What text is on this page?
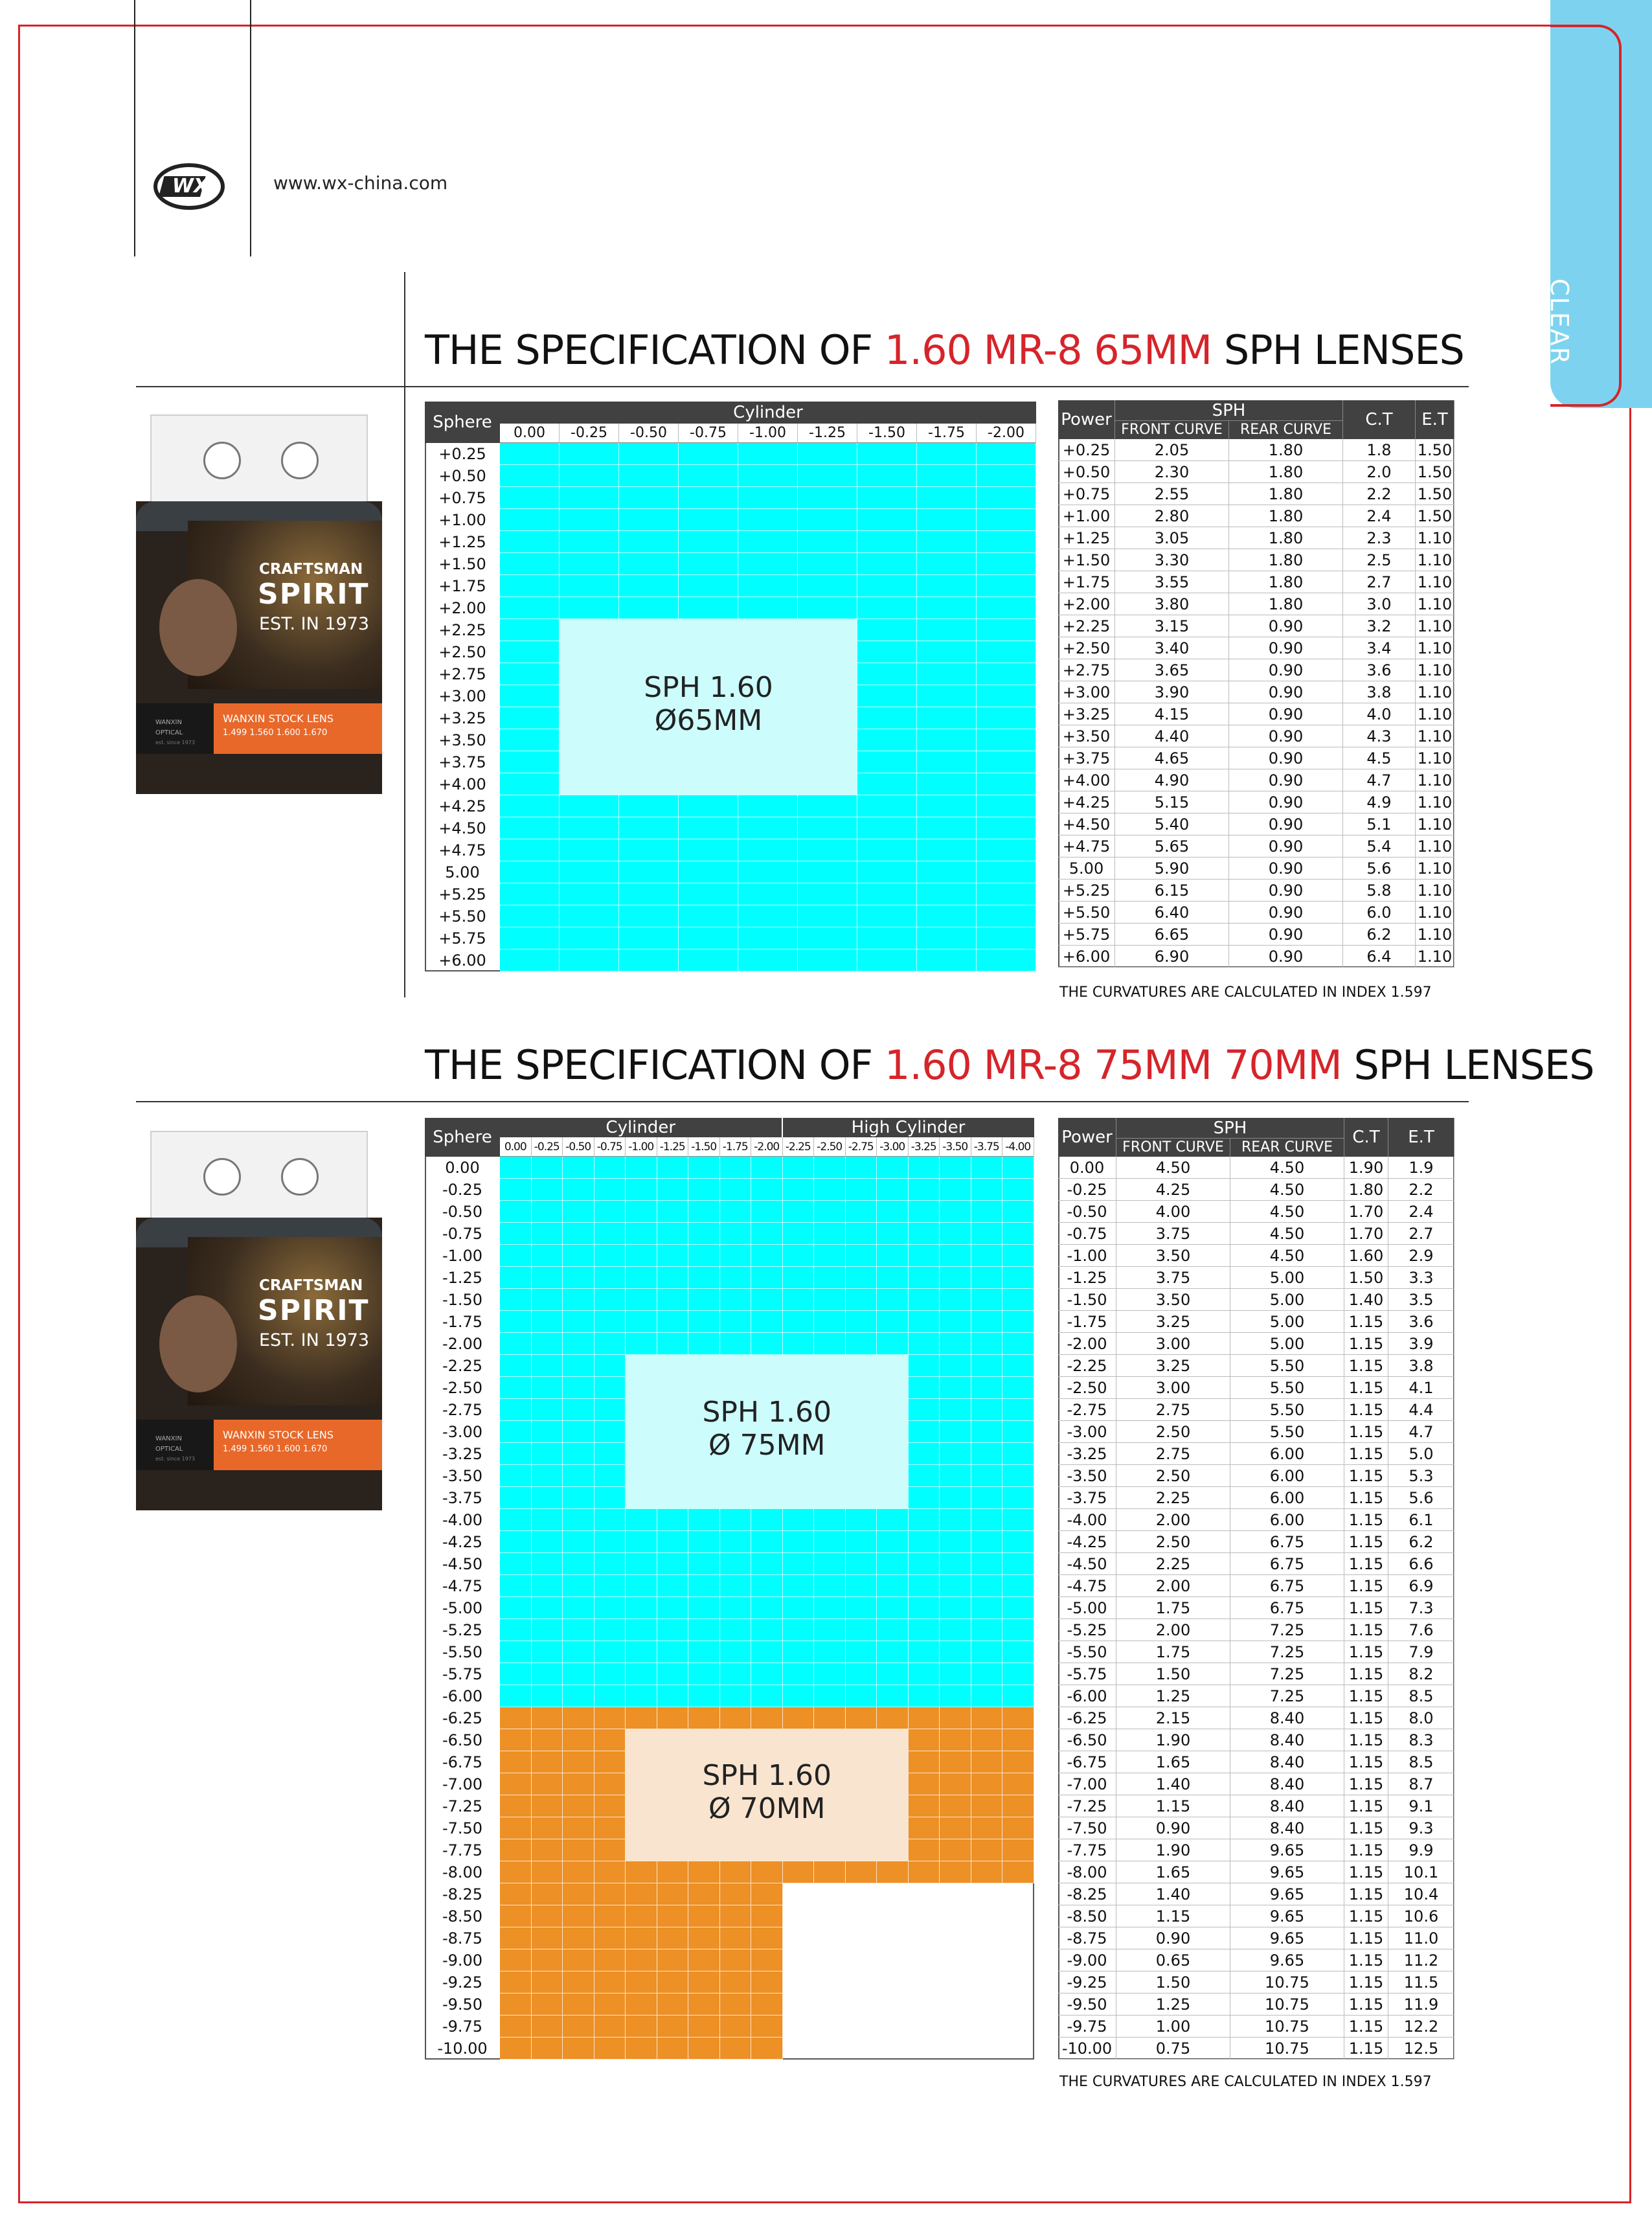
CLEAR
WX	www.wx-china.com
THE SPECIFICATION OF 1.60 MR-8 65MM SPH LENSES
CRAFTSMAN
SPIRIT
EST. IN 1973
WANXIN STOCK LENS
1.499 1.560 1.600 1.670
WANXIN
OPTICAL
est. since 1973
Sphere	Cylinder
0.00	-0.25	-0.50	-0.75	-1.00	-1.25	-1.50	-1.75	-2.00
+0.25
+0.50
+0.75
+1.00
+1.25
+1.50
+1.75
+2.00
+2.25
+2.50
+2.75
+3.00
+3.25
+3.50
+3.75
+4.00
+4.25
+4.50
+4.75
5.00
+5.25
+5.50
+5.75
+6.00
SPH 1.60
Ø65MM
Power	SPH
FRONT CURVE	REAR CURVE
C.T	E.T
+0.25	2.05	1.80	1.8	1.50
+0.50	2.30	1.80	2.0	1.50
+0.75	2.55	1.80	2.2	1.50
+1.00	2.80	1.80	2.4	1.50
+1.25	3.05	1.80	2.3	1.10
+1.50	3.30	1.80	2.5	1.10
+1.75	3.55	1.80	2.7	1.10
+2.00	3.80	1.80	3.0	1.10
+2.25	3.15	0.90	3.2	1.10
+2.50	3.40	0.90	3.4	1.10
+2.75	3.65	0.90	3.6	1.10
+3.00	3.90	0.90	3.8	1.10
+3.25	4.15	0.90	4.0	1.10
+3.50	4.40	0.90	4.3	1.10
+3.75	4.65	0.90	4.5	1.10
+4.00	4.90	0.90	4.7	1.10
+4.25	5.15	0.90	4.9	1.10
+4.50	5.40	0.90	5.1	1.10
+4.75	5.65	0.90	5.4	1.10
5.00	5.90	0.90	5.6	1.10
+5.25	6.15	0.90	5.8	1.10
+5.50	6.40	0.90	6.0	1.10
+5.75	6.65	0.90	6.2	1.10
+6.00	6.90	0.90	6.4	1.10
THE CURVATURES ARE CALCULATED IN INDEX 1.597
THE SPECIFICATION OF 1.60 MR-8 75MM 70MM SPH LENSES
CRAFTSMAN
SPIRIT
EST. IN 1973
WANXIN STOCK LENS
1.499 1.560 1.600 1.670
WANXIN
OPTICAL
est. since 1973
Sphere	Cylinder	High Cylinder
0.00 -0.25 -0.50 -0.75 -1.00 -1.25 -1.50 -1.75 -2.00 -2.25 -2.50 -2.75 -3.00 -3.25 -3.50 -3.75 -4.00
0.00
-0.25
-0.50
-0.75
-1.00
-1.25
-1.50
-1.75
-2.00
-2.25
-2.50
-2.75
-3.00
-3.25
-3.50
-3.75
-4.00
-4.25
-4.50
-4.75
-5.00
-5.25
-5.50
-5.75
-6.00
-6.25
-6.50
-6.75
-7.00
-7.25
-7.50
-7.75
-8.00
-8.25
-8.50
-8.75
-9.00
-9.25
-9.50
-9.75
-10.00
SPH 1.60
Ø 75MM
SPH 1.60
Ø 70MM
Power	SPH
FRONT CURVE	REAR CURVE
C.T	E.T
0.00	4.50	4.50	1.90	1.9
-0.25	4.25	4.50	1.80	2.2
-0.50	4.00	4.50	1.70	2.4
-0.75	3.75	4.50	1.70	2.7
-1.00	3.50	4.50	1.60	2.9
-1.25	3.75	5.00	1.50	3.3
-1.50	3.50	5.00	1.40	3.5
-1.75	3.25	5.00	1.15	3.6
-2.00	3.00	5.00	1.15	3.9
-2.25	3.25	5.50	1.15	3.8
-2.50	3.00	5.50	1.15	4.1
-2.75	2.75	5.50	1.15	4.4
-3.00	2.50	5.50	1.15	4.7
-3.25	2.75	6.00	1.15	5.0
-3.50	2.50	6.00	1.15	5.3
-3.75	2.25	6.00	1.15	5.6
-4.00	2.00	6.00	1.15	6.1
-4.25	2.50	6.75	1.15	6.2
-4.50	2.25	6.75	1.15	6.6
-4.75	2.00	6.75	1.15	6.9
-5.00	1.75	6.75	1.15	7.3
-5.25	2.00	7.25	1.15	7.6
-5.50	1.75	7.25	1.15	7.9
-5.75	1.50	7.25	1.15	8.2
-6.00	1.25	7.25	1.15	8.5
-6.25	2.15	8.40	1.15	8.0
-6.50	1.90	8.40	1.15	8.3
-6.75	1.65	8.40	1.15	8.5
-7.00	1.40	8.40	1.15	8.7
-7.25	1.15	8.40	1.15	9.1
-7.50	0.90	8.40	1.15	9.3
-7.75	1.90	9.65	1.15	9.9
-8.00	1.65	9.65	1.15	10.1
-8.25	1.40	9.65	1.15	10.4
-8.50	1.15	9.65	1.15	10.6
-8.75	0.90	9.65	1.15	11.0
-9.00	0.65	9.65	1.15	11.2
-9.25	1.50	10.75	1.15	11.5
-9.50	1.25	10.75	1.15	11.9
-9.75	1.00	10.75	1.15	12.2
-10.00	0.75	10.75	1.15	12.5
THE CURVATURES ARE CALCULATED IN INDEX 1.597
